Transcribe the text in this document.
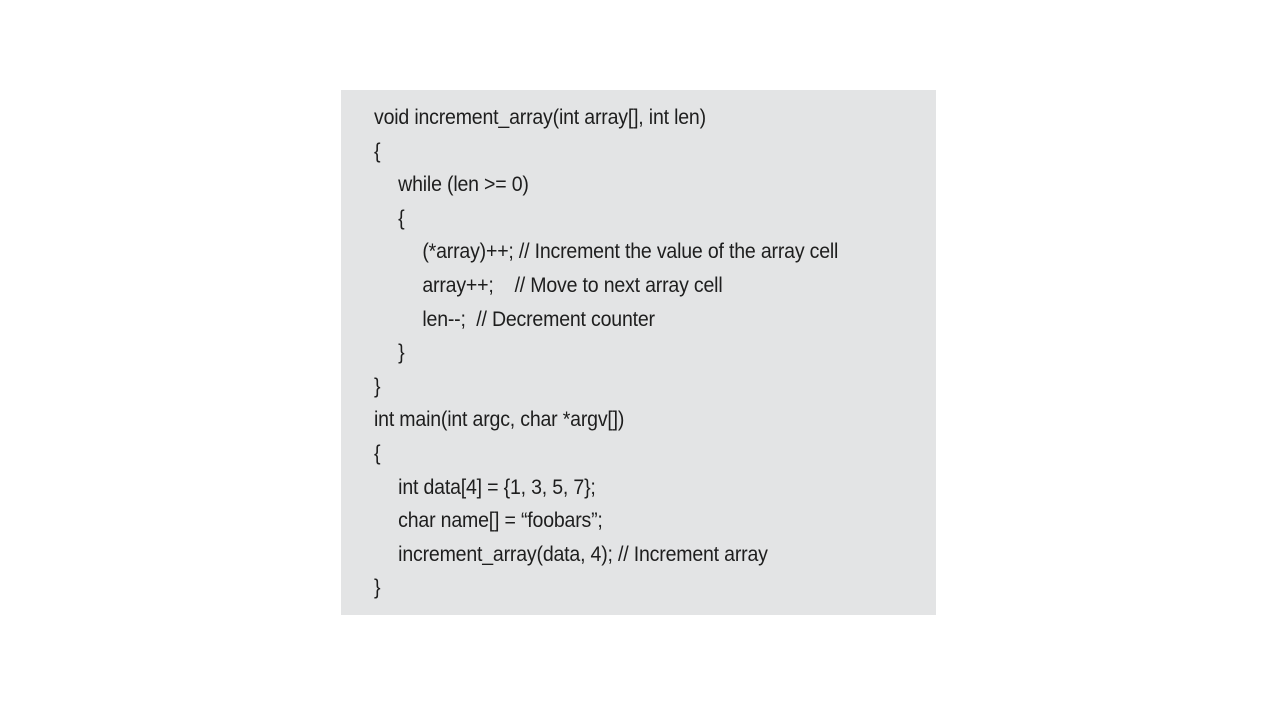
void increment_array(int array[], int len)
{
while (len >= 0)
{
(*array)++; // Increment the value of the array cell
array++;    // Move to next array cell
len--;  // Decrement counter
}
}
int main(int argc, char *argv[])
{
int data[4] = {1, 3, 5, 7};
char name[] = “foobars”;
increment_array(data, 4); // Increment array
}
